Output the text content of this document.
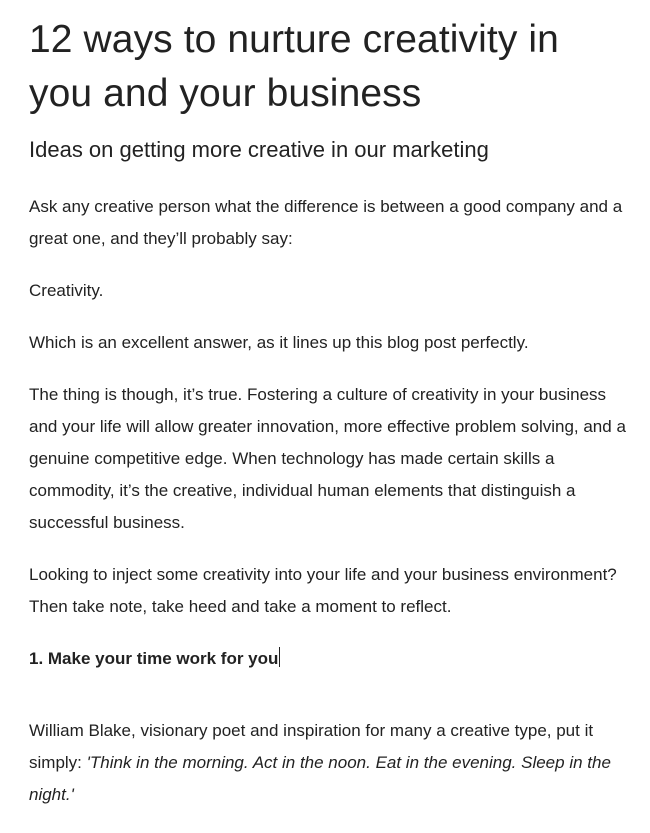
12 ways to nurture creativity in you and your business
Ideas on getting more creative in our marketing

Ask any creative person what the difference is between a good company and a great one, and they’ll probably say:

Creativity.

Which is an excellent answer, as it lines up this blog post perfectly.

The thing is though, it’s true. Fostering a culture of creativity in your business and your life will allow greater innovation, more effective problem solving, and a genuine competitive edge. When technology has made certain skills a commodity, it’s the creative, individual human elements that distinguish a successful business.

Looking to inject some creativity into your life and your business environment? Then take note, take heed and take a moment to reflect.

1. Make your time work for you

William Blake, visionary poet and inspiration for many a creative type, put it simply: 'Think in the morning. Act in the noon. Eat in the evening. Sleep in the night.'
